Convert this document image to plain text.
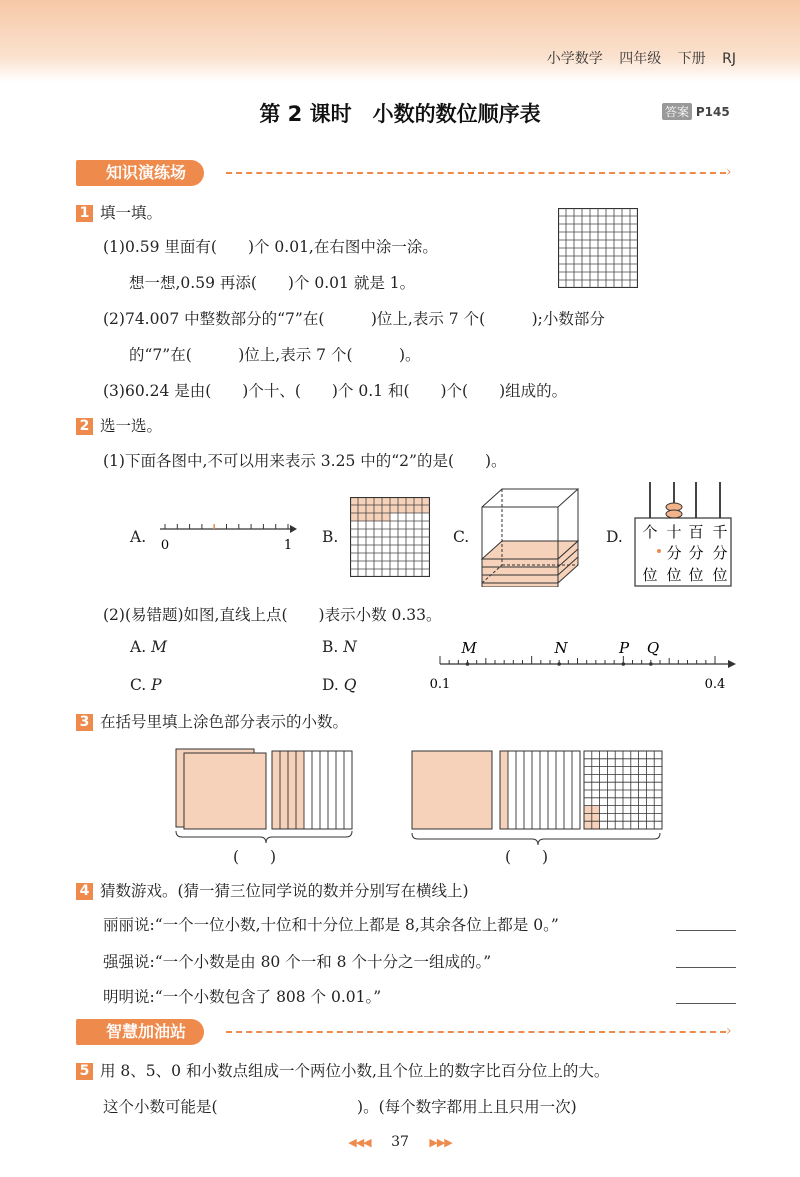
小学数学 四年级 下册 RJ
第 2 课时　小数的数位顺序表	答案 P145
知识演练场	›
1 填一填。
(1)0.59 里面有(　　)个 0.01,在右图中涂一涂。
想一想,0.59 再添(　　)个 0.01 就是 1。
(2)74.007 中整数部分的“7”在(　　　)位上,表示 7 个(　　　);小数部分
的“7”在(　　　)位上,表示 7 个(　　　)。
(3)60.24 是由(　　)个十、(　　)个 0.1 和(　　)个(　　)组成的。
2 选一选。
(1)下面各图中,不可以用来表示 3.25 中的“2”的是(　　)。
A. 0	1 B.	C.	D. 个 十 百 千
分 分 分
位 位 位 位
(2)(易错题)如图,直线上点(　　)表示小数 0.33。
A. M	B. N
C. P	D. Q
M	N	P Q
0.1	0.4
3 在括号里填上涂色部分表示的小数。
(　　)	(　　)
4 猜数游戏。(猜一猜三位同学说的数并分别写在横线上)
丽丽说:“一个一位小数,十位和十分位上都是 8,其余各位上都是 0。”
强强说:“一个小数是由 80 个一和 8 个十分之一组成的。”
明明说:“一个小数包含了 808 个 0.01。”
智慧加油站	›
5 用 8、5、0 和小数点组成一个两位小数,且个位上的数字比百分位上的大。
这个小数可能是(　　　　　　　　　)。(每个数字都用上且只用一次)
◀◀◀ 37 ▶▶▶
